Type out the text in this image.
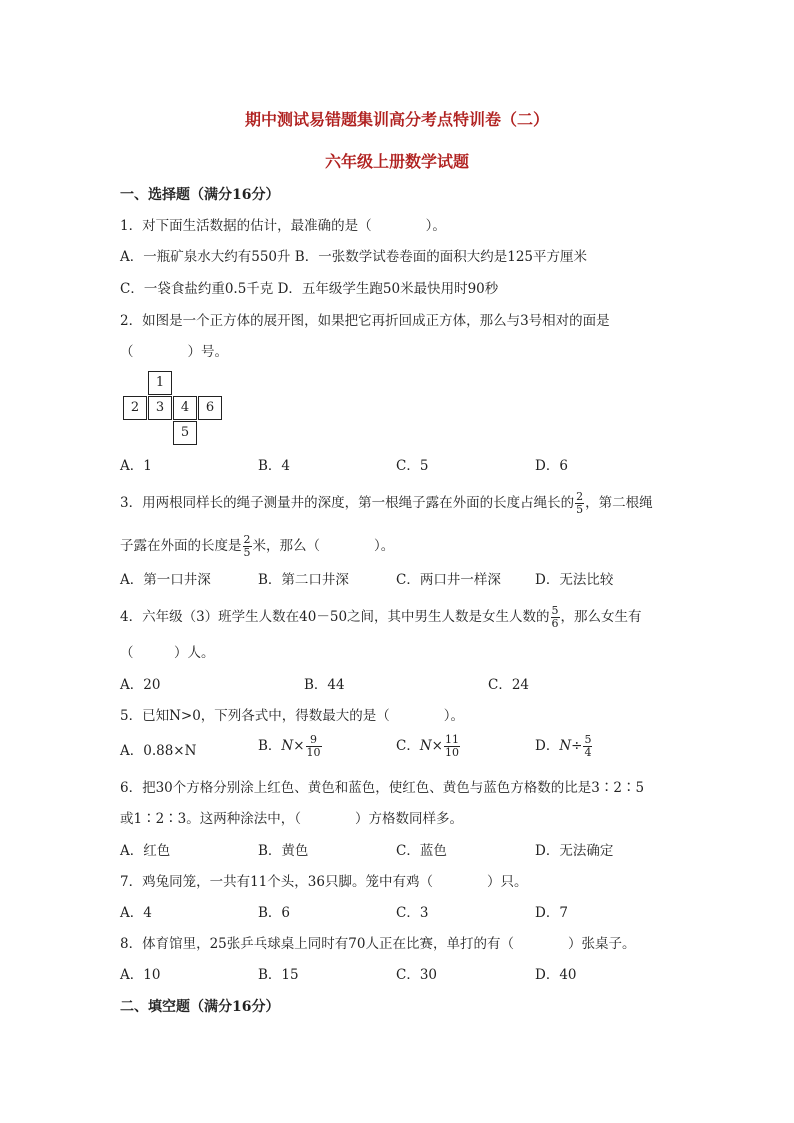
期中测试易错题集训高分考点特训卷（二）
六年级上册数学试题
一、选择题（满分16分）
1．对下面生活数据的估计，最准确的是（　　　　）。
A．一瓶矿泉水大约有550升 B．一张数学试卷卷面的面积大约是125平方厘米
C．一袋食盐约重0.5千克 D．五年级学生跑50米最快用时90秒
2．如图是一个正方体的展开图，如果把它再折回成正方体，那么与3号相对的面是
（　　　　）号。
1
2	3	4	6
5
A．1	B．4	C．5	D．6
3．用两根同样长的绳子测量井的深度，第一根绳子露在外面的长度占绳长的 $\frac{2}{5}$ ，第二根绳
子露在外面的长度是 $\frac{2}{5}$ 米，那么（　　　　）。
A．第一口井深	B．第二口井深	C．两口井一样深	D．无法比较
4．六年级（3）班学生人数在40－50之间，其中男生人数是女生人数的 $\frac{5}{6}$ ，那么女生有
（　　　）人。
A．20	B．44	C．24
5．已知N>0，下列各式中，得数最大的是（　　　　）。
A．0.88×N	B．$N\times \frac{9}{10}$	C．$N\times \frac{11}{10}$	D．$N\div \frac{5}{4}$
6．把30个方格分别涂上红色、黄色和蓝色，使红色、黄色与蓝色方格数的比是3∶2∶5
或1∶2∶3。这两种涂法中，（　　　　）方格数同样多。
A．红色	B．黄色	C．蓝色	D．无法确定
7．鸡兔同笼，一共有11个头，36只脚。笼中有鸡（　　　　）只。
A．4	B．6	C．3	D．7
8．体育馆里，25张乒乓球桌上同时有70人正在比赛，单打的有（　　　　）张桌子。
A．10	B．15	C．30	D．40
二、填空题（满分16分）
